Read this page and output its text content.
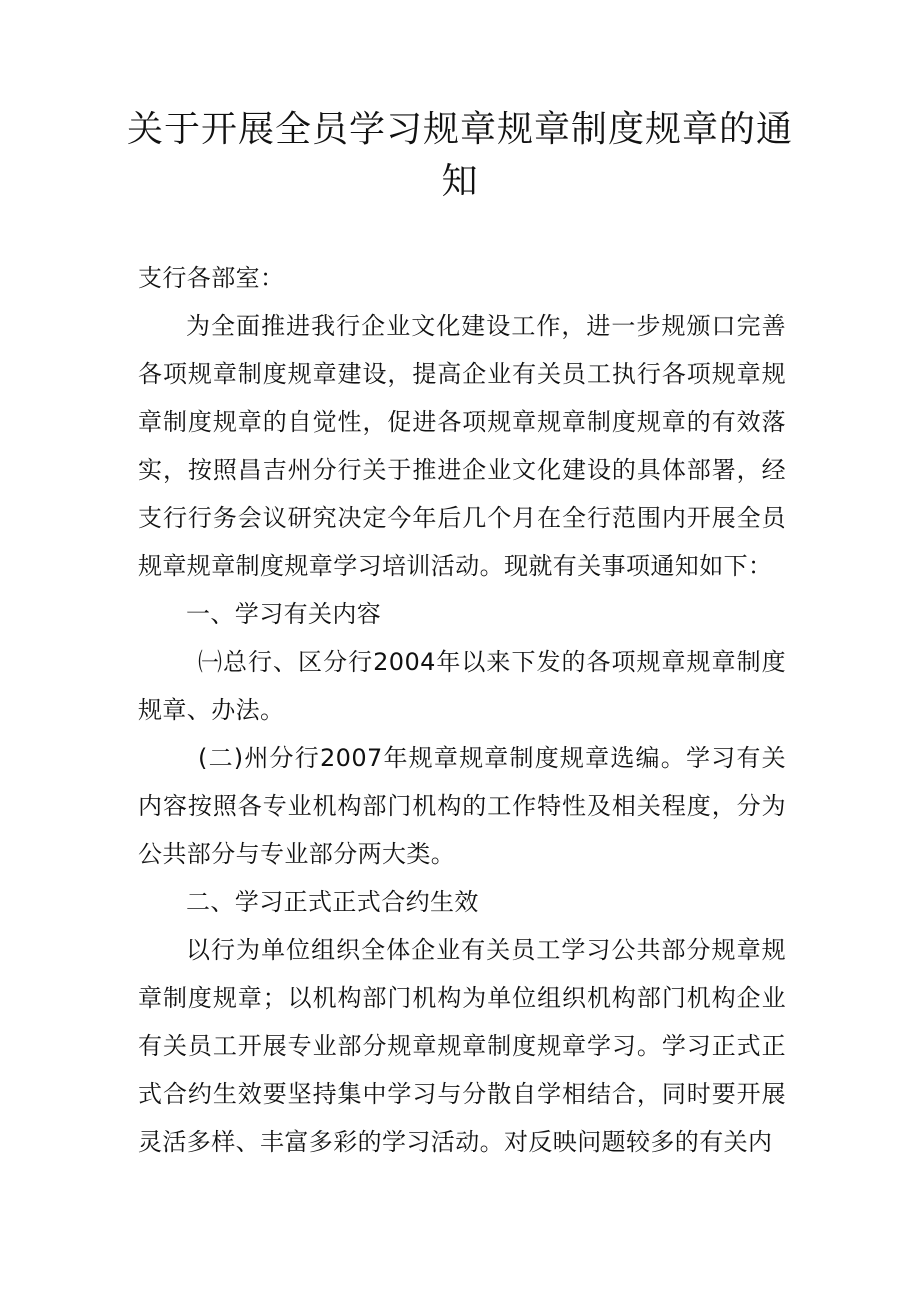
关于开展全员学习规章规章制度规章的通
知

支行各部室：

为全面推进我行企业文化建设工作，进一步规颁口完善各项规章制度规章建设，提高企业有关员工执行各项规章规章制度规章的自觉性，促进各项规章规章制度规章的有效落实，按照昌吉州分行关于推进企业文化建设的具体部署，经支行行务会议研究决定今年后几个月在全行范围内开展全员规章规章制度规章学习培训活动。现就有关事项通知如下：

一、学习有关内容

㈠总行、区分行2004年以来下发的各项规章规章制度规章、办法。

(二)州分行2007年规章规章制度规章选编。学习有关内容按照各专业机构部门机构的工作特性及相关程度，分为公共部分与专业部分两大类。

二、学习正式正式合约生效

以行为单位组织全体企业有关员工学习公共部分规章规章制度规章；以机构部门机构为单位组织机构部门机构企业有关员工开展专业部分规章规章制度规章学习。学习正式正式合约生效要坚持集中学习与分散自学相结合，同时要开展灵活多样、丰富多彩的学习活动。对反映问题较多的有关内
